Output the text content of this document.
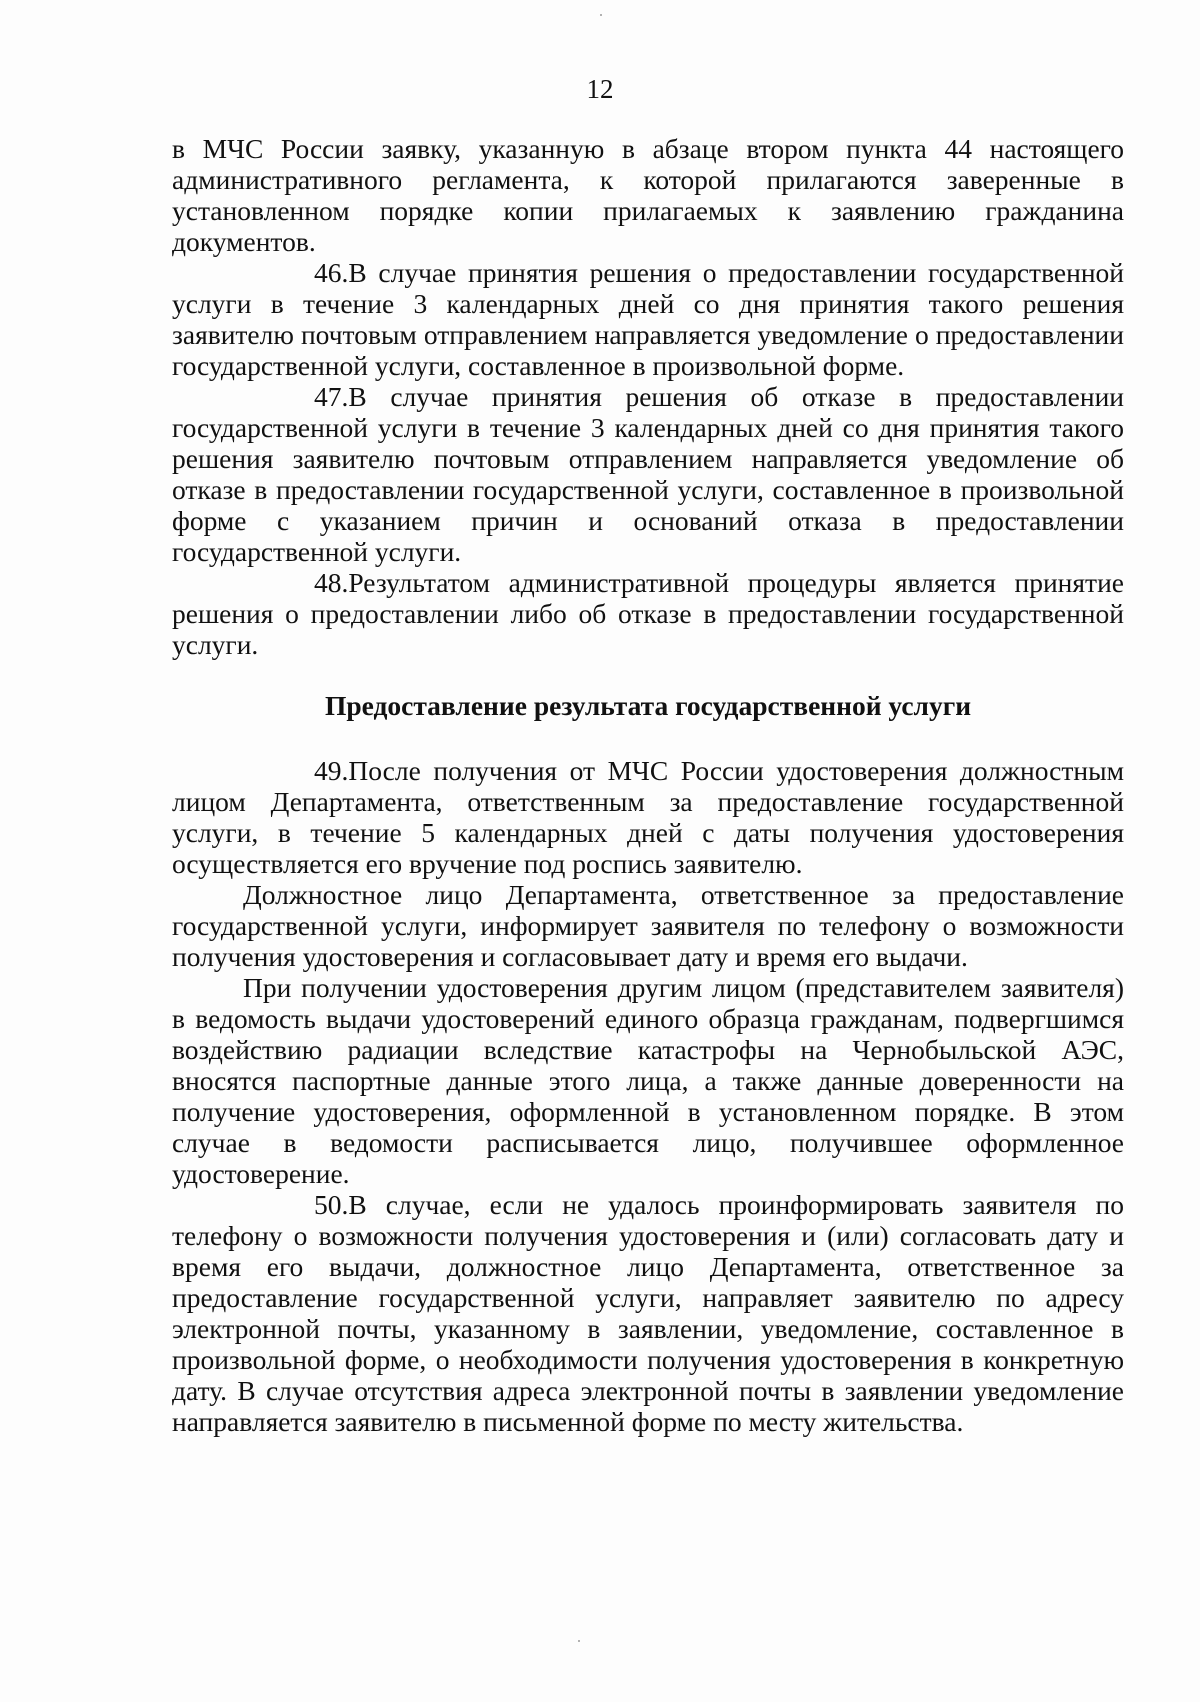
12

в МЧС России заявку, указанную в абзаце втором пункта 44 настоящего административного регламента, к которой прилагаются заверенные в установленном порядке копии прилагаемых к заявлению гражданина документов.

46.В случае принятия решения о предоставлении государственной услуги в течение 3 календарных дней со дня принятия такого решения заявителю почтовым отправлением направляется уведомление о предоставлении государственной услуги, составленное в произвольной форме.

47.В случае принятия решения об отказе в предоставлении государственной услуги в течение 3 календарных дней со дня принятия такого решения заявителю почтовым отправлением направляется уведомление об отказе в предоставлении государственной услуги, составленное в произвольной форме с указанием причин и оснований отказа в предоставлении государственной услуги.

48.Результатом административной процедуры является принятие решения о предоставлении либо об отказе в предоставлении государственной услуги.

Предоставление результата государственной услуги

49.После получения от МЧС России удостоверения должностным лицом Департамента, ответственным за предоставление государственной услуги, в течение 5 календарных дней с даты получения удостоверения осуществляется его вручение под роспись заявителю.

Должностное лицо Департамента, ответственное за предоставление государственной услуги, информирует заявителя по телефону о возможности получения удостоверения и согласовывает дату и время его выдачи.

При получении удостоверения другим лицом (представителем заявителя) в ведомость выдачи удостоверений единого образца гражданам, подвергшимся воздействию радиации вследствие катастрофы на Чернобыльской АЭС, вносятся паспортные данные этого лица, а также данные доверенности на получение удостоверения, оформленной в установленном порядке. В этом случае в ведомости расписывается лицо, получившее оформленное удостоверение.

50.В случае, если не удалось проинформировать заявителя по телефону о возможности получения удостоверения и (или) согласовать дату и время его выдачи, должностное лицо Департамента, ответственное за предоставление государственной услуги, направляет заявителю по адресу электронной почты, указанному в заявлении, уведомление, составленное в произвольной форме, о необходимости получения удостоверения в конкретную дату. В случае отсутствия адреса электронной почты в заявлении уведомление направляется заявителю в письменной форме по месту жительства.
